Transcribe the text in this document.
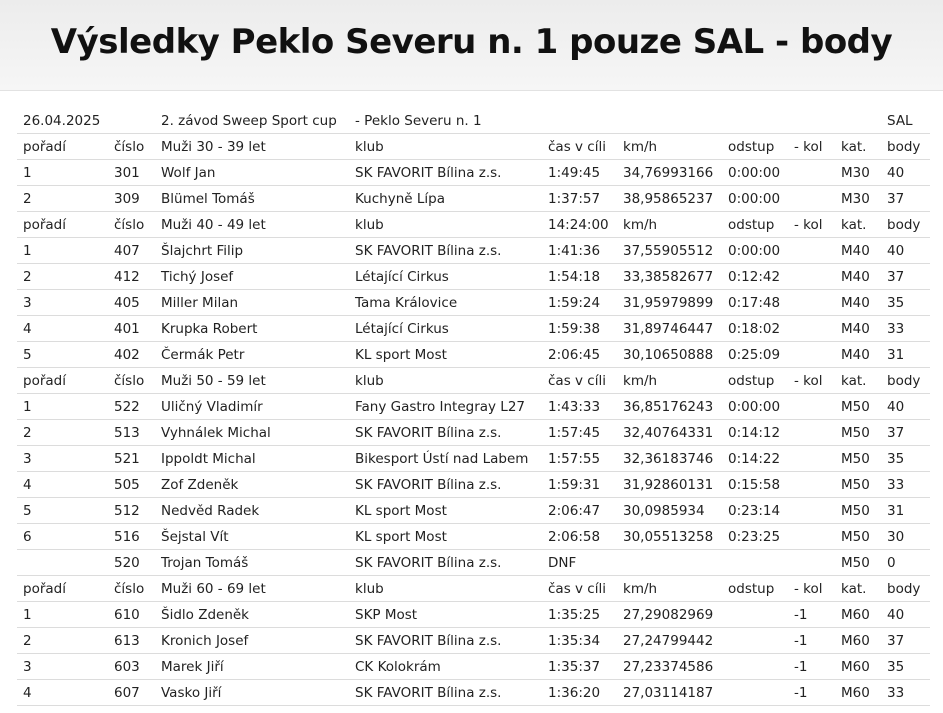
Výsledky Peklo Severu n. 1 pouze SAL - body
26.04.2025		2. závod Sweep Sport cup	- Peklo Severu n. 1						SAL
pořadí	číslo	Muži 30 - 39 let	klub	čas v cíli	km/h	odstup	- kol	kat.	body
1	301	Wolf Jan	SK FAVORIT Bílina z.s.	1:49:45	34,76993166	0:00:00		M30	40
2	309	Blümel Tomáš	Kuchyně Lípa	1:37:57	38,95865237	0:00:00		M30	37
pořadí	číslo	Muži 40 - 49 let	klub	14:24:00	km/h	odstup	- kol	kat.	body
1	407	Šlajchrt Filip	SK FAVORIT Bílina z.s.	1:41:36	37,55905512	0:00:00		M40	40
2	412	Tichý Josef	Létající Cirkus	1:54:18	33,38582677	0:12:42		M40	37
3	405	Miller Milan	Tama Královice	1:59:24	31,95979899	0:17:48		M40	35
4	401	Krupka Robert	Létající Cirkus	1:59:38	31,89746447	0:18:02		M40	33
5	402	Čermák Petr	KL sport Most	2:06:45	30,10650888	0:25:09		M40	31
pořadí	číslo	Muži 50 - 59 let	klub	čas v cíli	km/h	odstup	- kol	kat.	body
1	522	Uličný Vladimír	Fany Gastro Integray L27	1:43:33	36,85176243	0:00:00		M50	40
2	513	Vyhnálek Michal	SK FAVORIT Bílina z.s.	1:57:45	32,40764331	0:14:12		M50	37
3	521	Ippoldt Michal	Bikesport Ústí nad Labem	1:57:55	32,36183746	0:14:22		M50	35
4	505	Zof Zdeněk	SK FAVORIT Bílina z.s.	1:59:31	31,92860131	0:15:58		M50	33
5	512	Nedvěd Radek	KL sport Most	2:06:47	30,0985934	0:23:14		M50	31
6	516	Šejstal Vít	KL sport Most	2:06:58	30,05513258	0:23:25		M50	30
	520	Trojan Tomáš	SK FAVORIT Bílina z.s.	DNF				M50	0
pořadí	číslo	Muži 60 - 69 let	klub	čas v cíli	km/h	odstup	- kol	kat.	body
1	610	Šidlo Zdeněk	SKP Most	1:35:25	27,29082969		-1	M60	40
2	613	Kronich Josef	SK FAVORIT Bílina z.s.	1:35:34	27,24799442		-1	M60	37
3	603	Marek Jiří	CK Kolokrám	1:35:37	27,23374586		-1	M60	35
4	607	Vasko Jiří	SK FAVORIT Bílina z.s.	1:36:20	27,03114187		-1	M60	33
